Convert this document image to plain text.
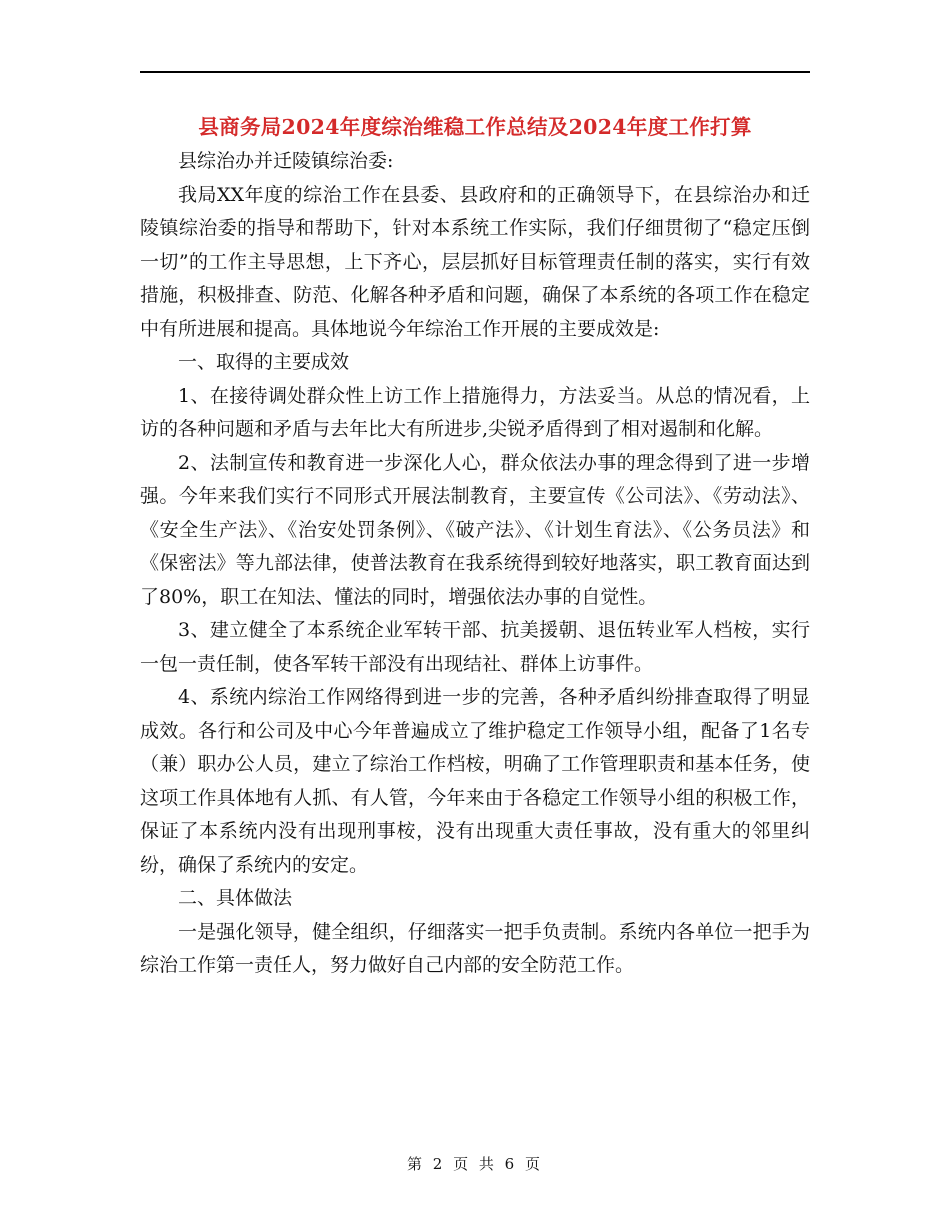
县商务局2024年度综治维稳工作总结及2024年度工作打算

县综治办并迁陵镇综治委:

我局XX年度的综治工作在县委、县政府和的正确领导下，在县综治办和迁陵镇综治委的指导和帮助下，针对本系统工作实际，我们仔细贯彻了“稳定压倒一切”的工作主导思想，上下齐心，层层抓好目标管理责任制的落实，实行有效措施，积极排查、防范、化解各种矛盾和问题，确保了本系统的各项工作在稳定中有所进展和提高。具体地说今年综治工作开展的主要成效是:

一、取得的主要成效

1、在接待调处群众性上访工作上措施得力，方法妥当。从总的情况看，上访的各种问题和矛盾与去年比大有所进步,尖锐矛盾得到了相对遏制和化解。

2、法制宣传和教育进一步深化人心，群众依法办事的理念得到了进一步增强。今年来我们实行不同形式开展法制教育，主要宣传《公司法》、《劳动法》、《安全生产法》、《治安处罚条例》、《破产法》、《计划生育法》、《公务员法》和《保密法》等九部法律，使普法教育在我系统得到较好地落实，职工教育面达到了80%，职工在知法、懂法的同时，增强依法办事的自觉性。

3、建立健全了本系统企业军转干部、抗美援朝、退伍转业军人档桉，实行一包一责任制，使各军转干部没有出现结社、群体上访事件。

4、系统内综治工作网络得到进一步的完善，各种矛盾纠纷排查取得了明显成效。各行和公司及中心今年普遍成立了维护稳定工作领导小组，配备了1名专（兼）职办公人员，建立了综治工作档桉，明确了工作管理职责和基本任务，使这项工作具体地有人抓、有人管，今年来由于各稳定工作领导小组的积极工作，保证了本系统内没有出现刑事桉，没有出现重大责任事故，没有重大的邻里纠纷，确保了系统内的安定。

二、具体做法

一是强化领导，健全组织，仔细落实一把手负责制。系统内各单位一把手为综治工作第一责任人，努力做好自己内部的安全防范工作。

第 2 页 共 6 页
